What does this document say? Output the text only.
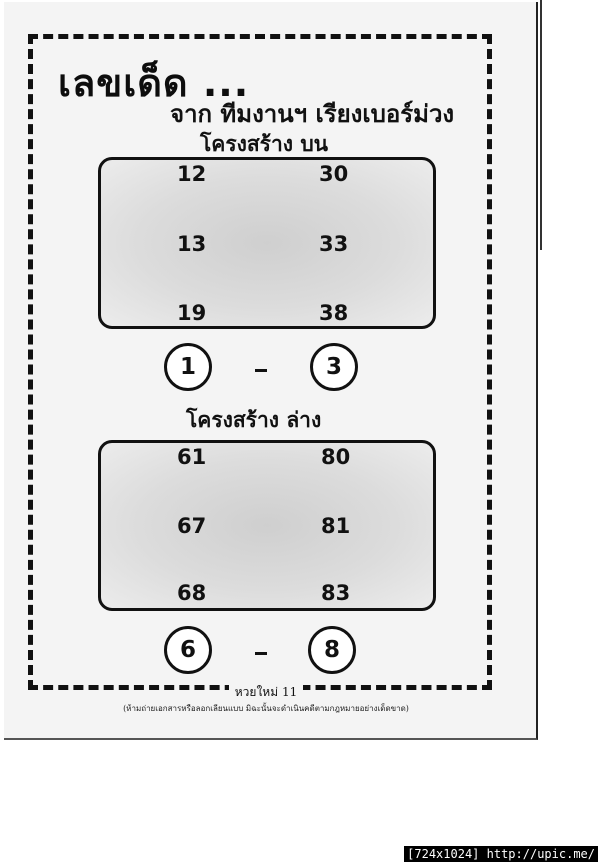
เลขเด็ด ...
จาก ทีมงานฯ เรียงเบอร์ม่วง
โครงสร้าง บน
12
13
19
30
33
38
1	3
โครงสร้าง ล่าง
61
67
68
80
81
83
6	8
หวยใหม่ 11
(ห้ามถ่ายเอกสารหรือลอกเลียนแบบ มิฉะนั้นจะดำเนินคดีตามกฎหมายอย่างเด็ดขาด)
[724x1024] http://upic.me/
